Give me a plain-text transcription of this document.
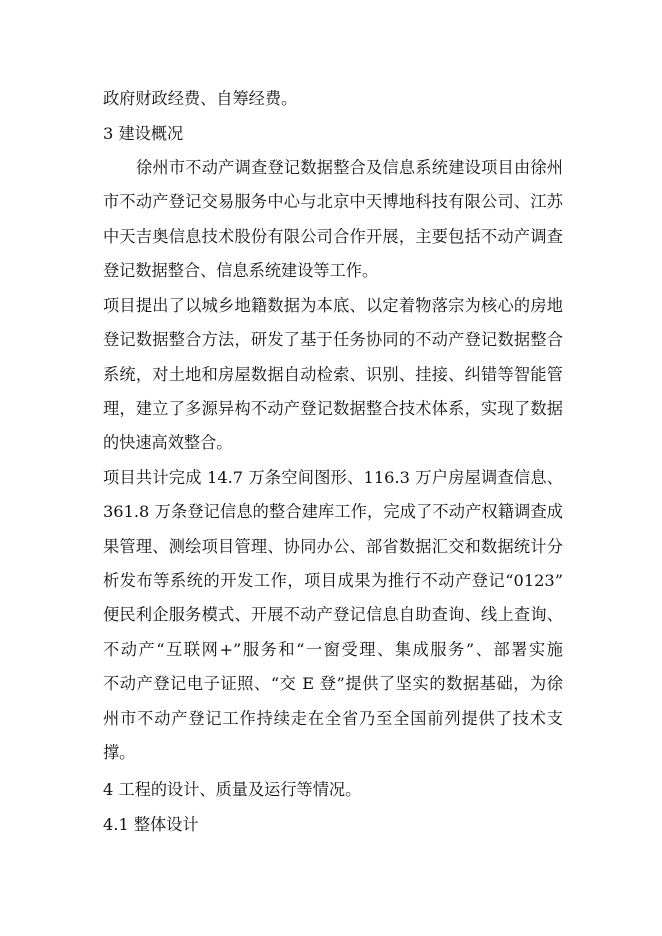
政府财政经费、自筹经费。
3 建设概况
徐州市不动产调查登记数据整合及信息系统建设项目由徐州
市不动产登记交易服务中心与北京中天博地科技有限公司、江苏
中天吉奥信息技术股份有限公司合作开展，主要包括不动产调查
登记数据整合、信息系统建设等工作。
项目提出了以城乡地籍数据为本底、以定着物落宗为核心的房地
登记数据整合方法，研发了基于任务协同的不动产登记数据整合
系统，对土地和房屋数据自动检索、识别、挂接、纠错等智能管
理，建立了多源异构不动产登记数据整合技术体系，实现了数据
的快速高效整合。
项目共计完成 14.7 万条空间图形、116.3 万户房屋调查信息、
361.8 万条登记信息的整合建库工作，完成了不动产权籍调查成
果管理、测绘项目管理、协同办公、部省数据汇交和数据统计分
析发布等系统的开发工作，项目成果为推行不动产登记“0123”
便民利企服务模式、开展不动产登记信息自助查询、线上查询、
不动产“互联网+”服务和“一窗受理、集成服务”、部署实施
不动产登记电子证照、“交 E 登”提供了坚实的数据基础，为徐
州市不动产登记工作持续走在全省乃至全国前列提供了技术支
撑。
4 工程的设计、质量及运行等情况。
4.1 整体设计
